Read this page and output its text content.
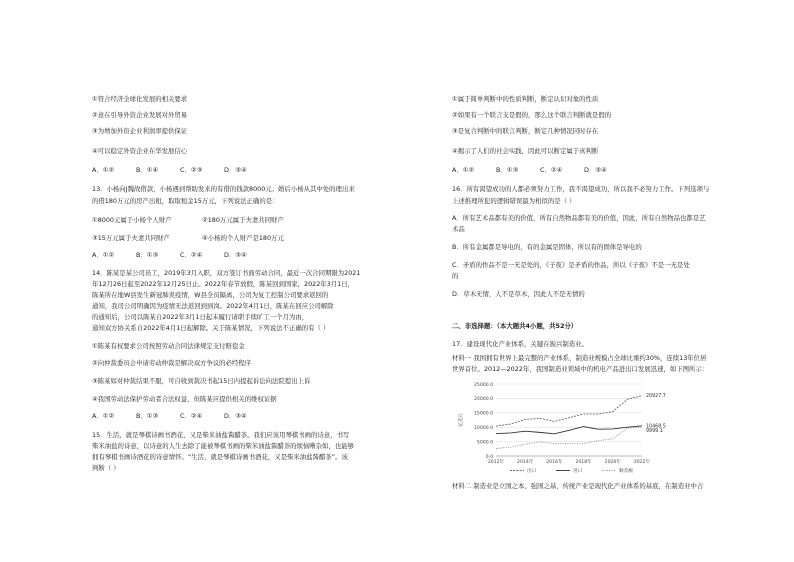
①符合经济全球化发展的相关要求
②意在引导外资企业发展对外贸易
③为增加外资企业利润率提供保证
④可以稳定外资企业在华发展信心
A．①②	B．①④	C．②③	D．③④
13．小杨向J魏战借款，小杨遇到帮助发来的有借的钱款8000元；婚后小杨从其中处的理出来
的借180万元的房产出租，取取租金15万元，下列说法正确的是：
①8000元属于小杨个人财产	②180万元属于夫妻共同财产
③15万元属于夫妻共同财产	④小杨的个人财产是180万元
A．①②	B．①③	C．②④	D．③④
14．陈某是某公司员工，2019年3月入职，双方签订书面劳动合同，最近一次合同期限为2021
年12月26日起至2022年12月25日止。2022年春节放假，陈某回到国家，2022年3月1日，
陈某所在地W县发生新冠肺炎疫情，W县全员隔离，公司为复工控制公司要求返回的
通知，我司公司明确因为疫情无法返回到到岗。2022年4月1日，陈某在回应公司解除
的通知后，公司以陈某自2022年3月1日起未履行请职手续旷工一个月为由，
通知双方协关系自2022年4月1日起解除。关于陈某情况，下列说法不正确的有（ ）
①陈某有权要求公司按照劳动合同法律规定支付赔偿金
②向仲裁委员会申请劳动仲裁是解决双方争议的必经程序
③陈某如对仲裁结果不服，可自收到裁决书起15日内提起诉讼向法院提出上诉
④我国劳动法保护劳动者合法权益，但陈某应提供相关的维权证据
A．①②	B．①③	C．②④	D．③④
15．生活，就是琴棋诗画书酒花，又是柴米油盐酱醋茶。我们应该用琴棋书画的诗意，书写
柴米油盐的诗意，以诗意的人生去除了能被琴棋书画的柴米油盐酱醋茶的烦恼嘈杂如，也能够
拥有琴棋书画诗酒花的诗意情怀。“生活，就是琴棋诗画书酒花，又是柴米油盐酱醋茶”。该
判断（ ）
①属于简单判断中的性质判断，断定认识对象的性质
②如果有一个联言支是假的，那么这个联言判断就是假的
③是复合判断中的联言判断，断定几种情况同时存在
④揭示了人们的社会实践，因此可以断定属于真判断
A．①②	B．①③	C．②④	D．③④
16．所有渴望成功的人都必须努力工作，我不渴望成功，所以我不必努力工作。下列选项与
上述推理所犯的逻辑错误最为相似的是（ ）
A．所有艺术品都有美的价值，所有自然物品都有美的价值，因此，所有自然物品也都是艺
术品
B．所有金属都是导电的，有的金属是固体，所以有的固体是导电的
C．矛盾的作品不是一无是处的，《子夜》是矛盾的作品，所以《子夜》不是一无是处
的
D．草木无情，人不是草木，因此人不是无情的
二、非选择题：（本大题共4小题，共52分）
17．建设现代化产业体系，关键在振兴制造业。
材料一 我国拥有世界上最完整的产业体系，制造业规模占全球比重约30%，连续13年位居
世界首位。2012—2022年，我国制造业领域中的机电产品进出口发展迅速，如下图所示：
材料二 制造业是立国之本、强国之基，传统产业是现代化产业体系的基底，在制造业中占
25000.0
20000.0
15000.0
10000.0
5000.0
0.0
亿美元
2012年	2014年	2016年	2018年	2020年	2022年
20927.7
10468.5
9999.1
出口	进口	顺差额
